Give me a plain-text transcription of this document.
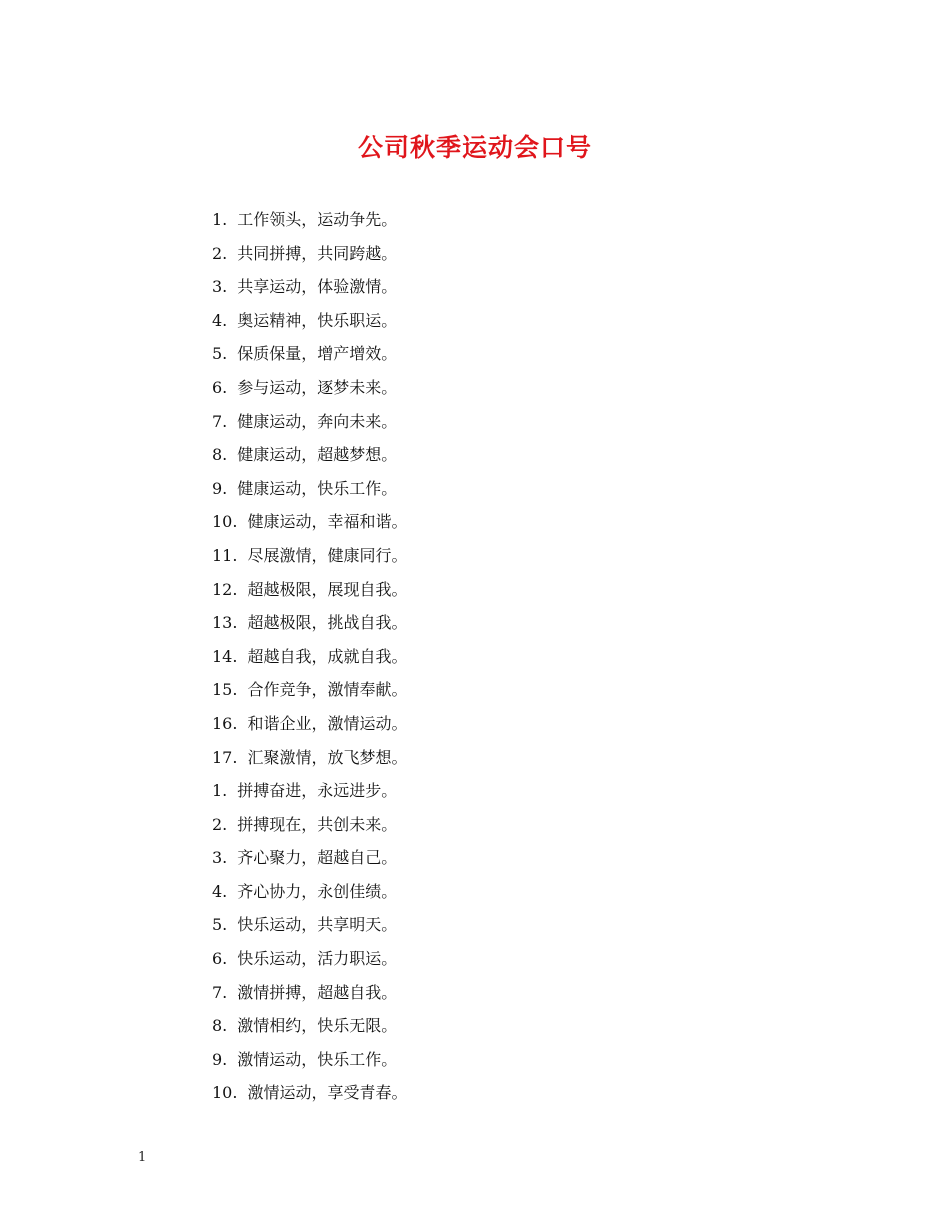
公司秋季运动会口号
1. 工作领头，运动争先。
2. 共同拼搏，共同跨越。
3. 共享运动，体验激情。
4. 奥运精神，快乐职运。
5. 保质保量，增产增效。
6. 参与运动，逐梦未来。
7. 健康运动，奔向未来。
8. 健康运动，超越梦想。
9. 健康运动，快乐工作。
10. 健康运动，幸福和谐。
11. 尽展激情，健康同行。
12. 超越极限，展现自我。
13. 超越极限，挑战自我。
14. 超越自我，成就自我。
15. 合作竞争，激情奉献。
16. 和谐企业，激情运动。
17. 汇聚激情，放飞梦想。
1. 拼搏奋进，永远进步。
2. 拼搏现在，共创未来。
3. 齐心聚力，超越自己。
4. 齐心协力，永创佳绩。
5. 快乐运动，共享明天。
6. 快乐运动，活力职运。
7. 激情拼搏，超越自我。
8. 激情相约，快乐无限。
9. 激情运动，快乐工作。
10. 激情运动，享受青春。
1
